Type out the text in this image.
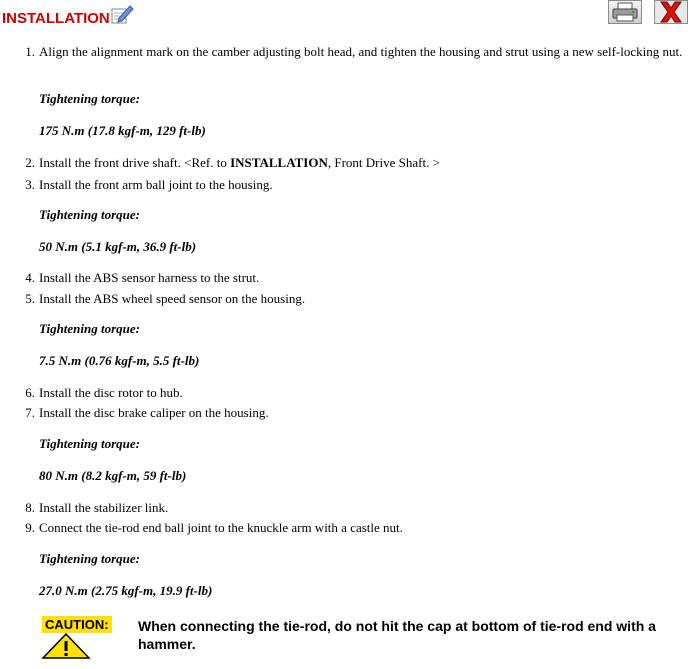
INSTALLATION
1. Align the alignment mark on the camber adjusting bolt head, and tighten the housing and strut using a new self-locking nut.
Tightening torque:
175 N.m (17.8 kgf-m, 129 ft-lb)
2. Install the front drive shaft. <Ref. to INSTALLATION, Front Drive Shaft. >
3. Install the front arm ball joint to the housing.
Tightening torque:
50 N.m (5.1 kgf-m, 36.9 ft-lb)
4. Install the ABS sensor harness to the strut.
5. Install the ABS wheel speed sensor on the housing.
Tightening torque:
7.5 N.m (0.76 kgf-m, 5.5 ft-lb)
6. Install the disc rotor to hub.
7. Install the disc brake caliper on the housing.
Tightening torque:
80 N.m (8.2 kgf-m, 59 ft-lb)
8. Install the stabilizer link.
9. Connect the tie-rod end ball joint to the knuckle arm with a castle nut.
Tightening torque:
27.0 N.m (2.75 kgf-m, 19.9 ft-lb)
CAUTION: When connecting the tie-rod, do not hit the cap at bottom of tie-rod end with a hammer.
